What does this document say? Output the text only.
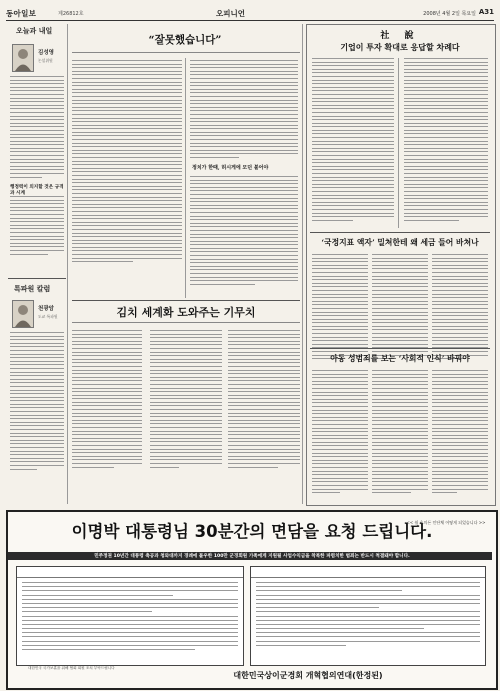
동아일보	제26812호	오피니언	2008년 4월 2일 목요일 A31
오늘과 내일
김성영
논설위원
행정력이 의지할 것은 규격과 시계
특파원 칼럼
천광암
도쿄 특파원
“잘못했습니다”
정치가 한때, 허시게에 모던 불어야
김치 세계화 도와주는 기무치
社 說
기업이 투자 확대로 응답할 차례다
‘국정지표 액자’ 밀쳐한테 왜 세금 들어 바쳐나
아동 성범죄를 보는 ‘사회적 인식’ 바꿔야
이명박 대통령님 30분간의 면담을 요청 드립니다.
<< 월 호의든 인단체 어떻게 되었습니다 >>
민주정권 10년간 대통령 축공과 청와대까지 경례에 불우한 100만 군경회원 가족에게 지원될 사업수익금을 착복한 파렴치한 범죄는 반드시 척결돼야 합니다.
대한민국 국가보훈을 위해 협회 회원 조치 부탁드립니다
대한민국상이군경회 개혁협의연대(한정된)
